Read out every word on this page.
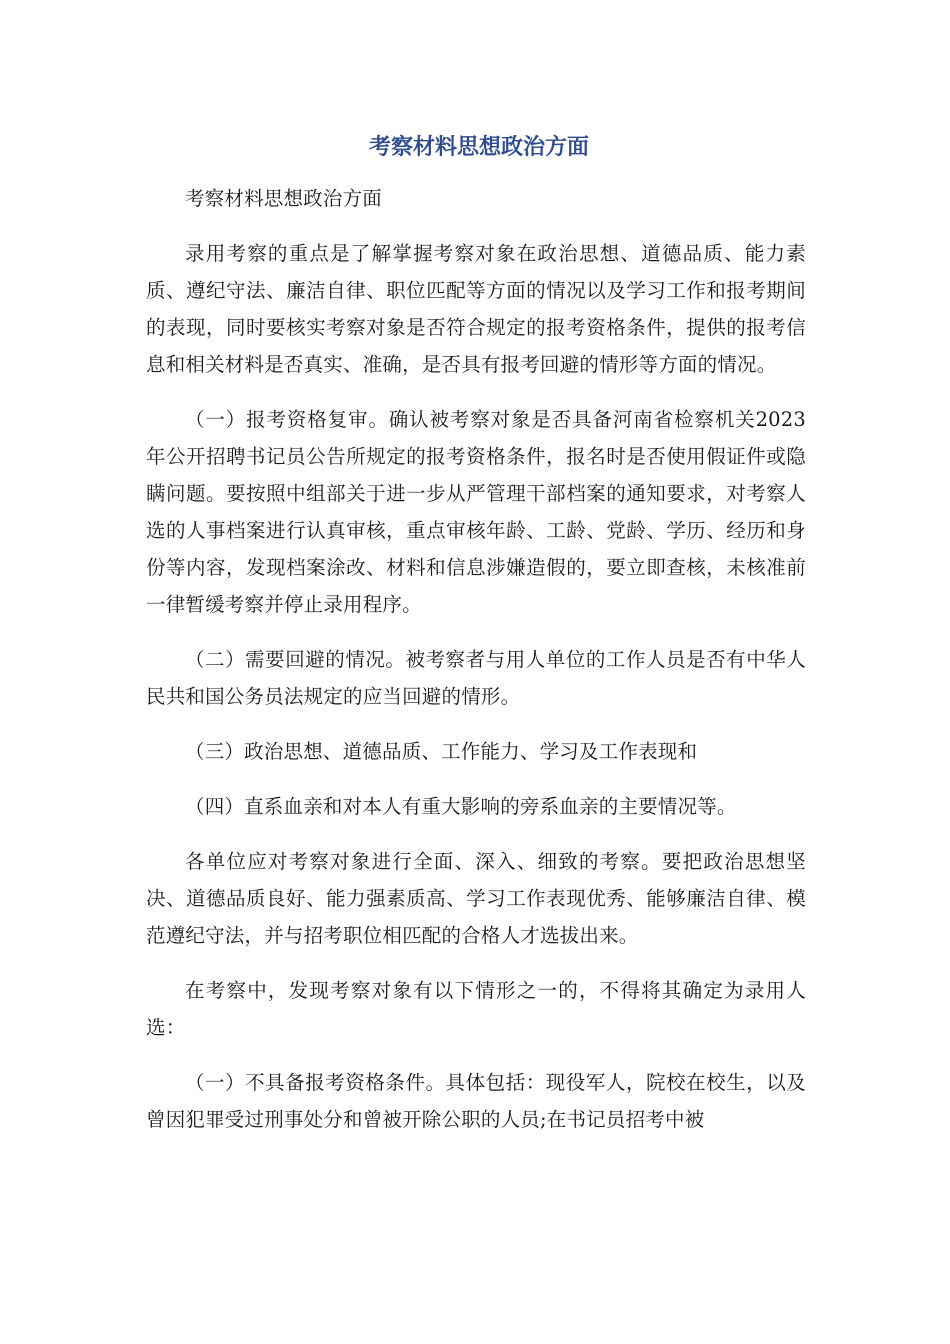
考察材料思想政治方面

考察材料思想政治方面

录用考察的重点是了解掌握考察对象在政治思想、道德品质、能力素质、遵纪守法、廉洁自律、职位匹配等方面的情况以及学习工作和报考期间的表现，同时要核实考察对象是否符合规定的报考资格条件，提供的报考信息和相关材料是否真实、准确，是否具有报考回避的情形等方面的情况。

（一）报考资格复审。确认被考察对象是否具备河南省检察机关2023年公开招聘书记员公告所规定的报考资格条件，报名时是否使用假证件或隐瞒问题。要按照中组部关于进一步从严管理干部档案的通知要求，对考察人选的人事档案进行认真审核，重点审核年龄、工龄、党龄、学历、经历和身份等内容，发现档案涂改、材料和信息涉嫌造假的，要立即查核，未核准前一律暂缓考察并停止录用程序。

（二）需要回避的情况。被考察者与用人单位的工作人员是否有中华人民共和国公务员法规定的应当回避的情形。

（三）政治思想、道德品质、工作能力、学习及工作表现和

（四）直系血亲和对本人有重大影响的旁系血亲的主要情况等。

各单位应对考察对象进行全面、深入、细致的考察。要把政治思想坚决、道德品质良好、能力强素质高、学习工作表现优秀、能够廉洁自律、模范遵纪守法，并与招考职位相匹配的合格人才选拔出来。

在考察中，发现考察对象有以下情形之一的，不得将其确定为录用人选：

（一）不具备报考资格条件。具体包括：现役军人，院校在校生，以及曾因犯罪受过刑事处分和曾被开除公职的人员;在书记员招考中被
